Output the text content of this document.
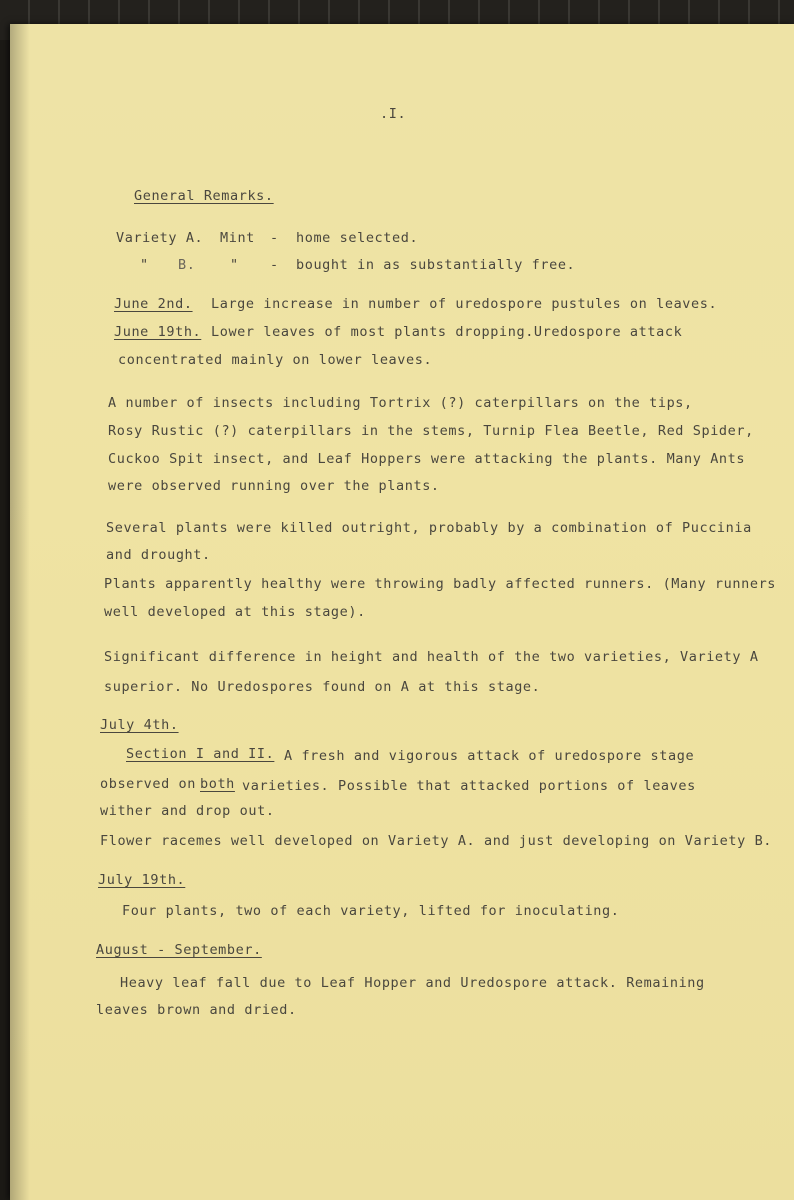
.I.
General Remarks.
Variety A. Mint - home selected.
" B.	" - bought in as substantially free.
June 2nd. Large increase in number of uredospore pustules on leaves.
June 19th. Lower leaves of most plants dropping.Uredospore attack
concentrated mainly on lower leaves.
A number of insects including Tortrix (?) caterpillars on the tips,
Rosy Rustic (?) caterpillars in the stems, Turnip Flea Beetle, Red Spider,
Cuckoo Spit insect, and Leaf Hoppers were attacking the plants. Many Ants
were observed running over the plants.
Several plants were killed outright, probably by a combination of Puccinia
and drought.
Plants apparently healthy were throwing badly affected runners. (Many runners
well developed at this stage).
Significant difference in height and health of the two varieties, Variety A
superior. No Uredospores found on A at this stage.
July 4th.
Section I and II. A fresh and vigorous attack of uredospore stage
observed on both varieties. Possible that attacked portions of leaves
wither and drop out.
Flower racemes well developed on Variety A. and just developing on Variety B.
July 19th.
Four plants, two of each variety, lifted for inoculating.
August - September.
Heavy leaf fall due to Leaf Hopper and Uredospore attack. Remaining
leaves brown and dried.
